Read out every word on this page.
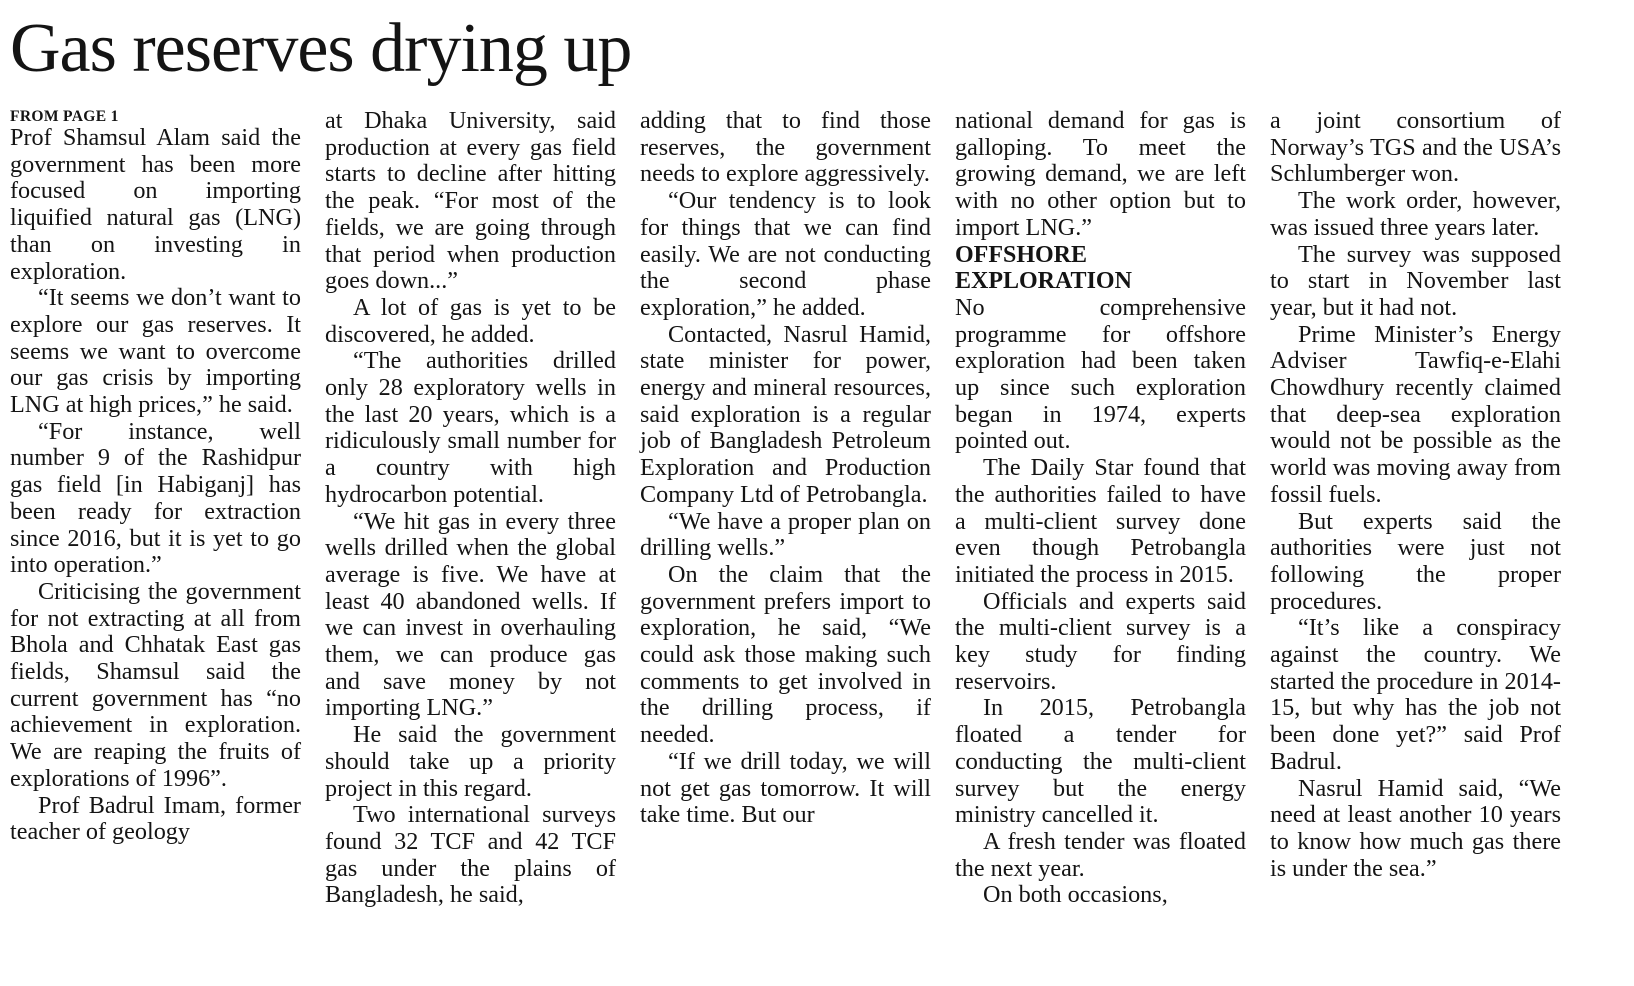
Gas reserves drying up

FROM PAGE 1

Prof Shamsul Alam said the government has been more focused on importing liquified natural gas (LNG) than on investing in exploration.

“It seems we don’t want to explore our gas reserves. It seems we want to overcome our gas crisis by importing LNG at high prices,” he said.

“For instance, well number 9 of the Rashidpur gas field [in Habiganj] has been ready for extraction since 2016, but it is yet to go into operation.”

Criticising the government for not extracting at all from Bhola and Chhatak East gas fields, Shamsul said the current government has “no achievement in exploration. We are reaping the fruits of explorations of 1996”.

Prof Badrul Imam, former teacher of geology

at Dhaka University, said production at every gas field starts to decline after hitting the peak. “For most of the fields, we are going through that period when production goes down...”

A lot of gas is yet to be discovered, he added.

“The authorities drilled only 28 exploratory wells in the last 20 years, which is a ridiculously small number for a country with high hydrocarbon potential.

“We hit gas in every three wells drilled when the global average is five. We have at least 40 abandoned wells. If we can invest in overhauling them, we can produce gas and save money by not importing LNG.”

He said the government should take up a priority project in this regard.

Two international surveys found 32 TCF and 42 TCF gas under the plains of Bangladesh, he said,

adding that to find those reserves, the government needs to explore aggressively.

“Our tendency is to look for things that we can find easily. We are not conducting the second phase exploration,” he added.

Contacted, Nasrul Hamid, state minister for power, energy and mineral resources, said exploration is a regular job of Bangladesh Petroleum Exploration and Production Company Ltd of Petrobangla.

“We have a proper plan on drilling wells.”

On the claim that the government prefers import to exploration, he said, “We could ask those making such comments to get involved in the drilling process, if needed.

“If we drill today, we will not get gas tomorrow. It will take time. But our

national demand for gas is galloping. To meet the growing demand, we are left with no other option but to import LNG.”

OFFSHORE EXPLORATION

No comprehensive programme for offshore exploration had been taken up since such exploration began in 1974, experts pointed out.

The Daily Star found that the authorities failed to have a multi-client survey done even though Petrobangla initiated the process in 2015.

Officials and experts said the multi-client survey is a key study for finding reservoirs.

In 2015, Petrobangla floated a tender for conducting the multi-client survey but the energy ministry cancelled it.

A fresh tender was floated the next year.

On both occasions,

a joint consortium of Norway’s TGS and the USA’s Schlumberger won.

The work order, however, was issued three years later.

The survey was supposed to start in November last year, but it had not.

Prime Minister’s Energy Adviser Tawfiq-e-Elahi Chowdhury recently claimed that deep-sea exploration would not be possible as the world was moving away from fossil fuels.

But experts said the authorities were just not following the proper procedures.

“It’s like a conspiracy against the country. We started the procedure in 2014-15, but why has the job not been done yet?” said Prof Badrul.

Nasrul Hamid said, “We need at least another 10 years to know how much gas there is under the sea.”
